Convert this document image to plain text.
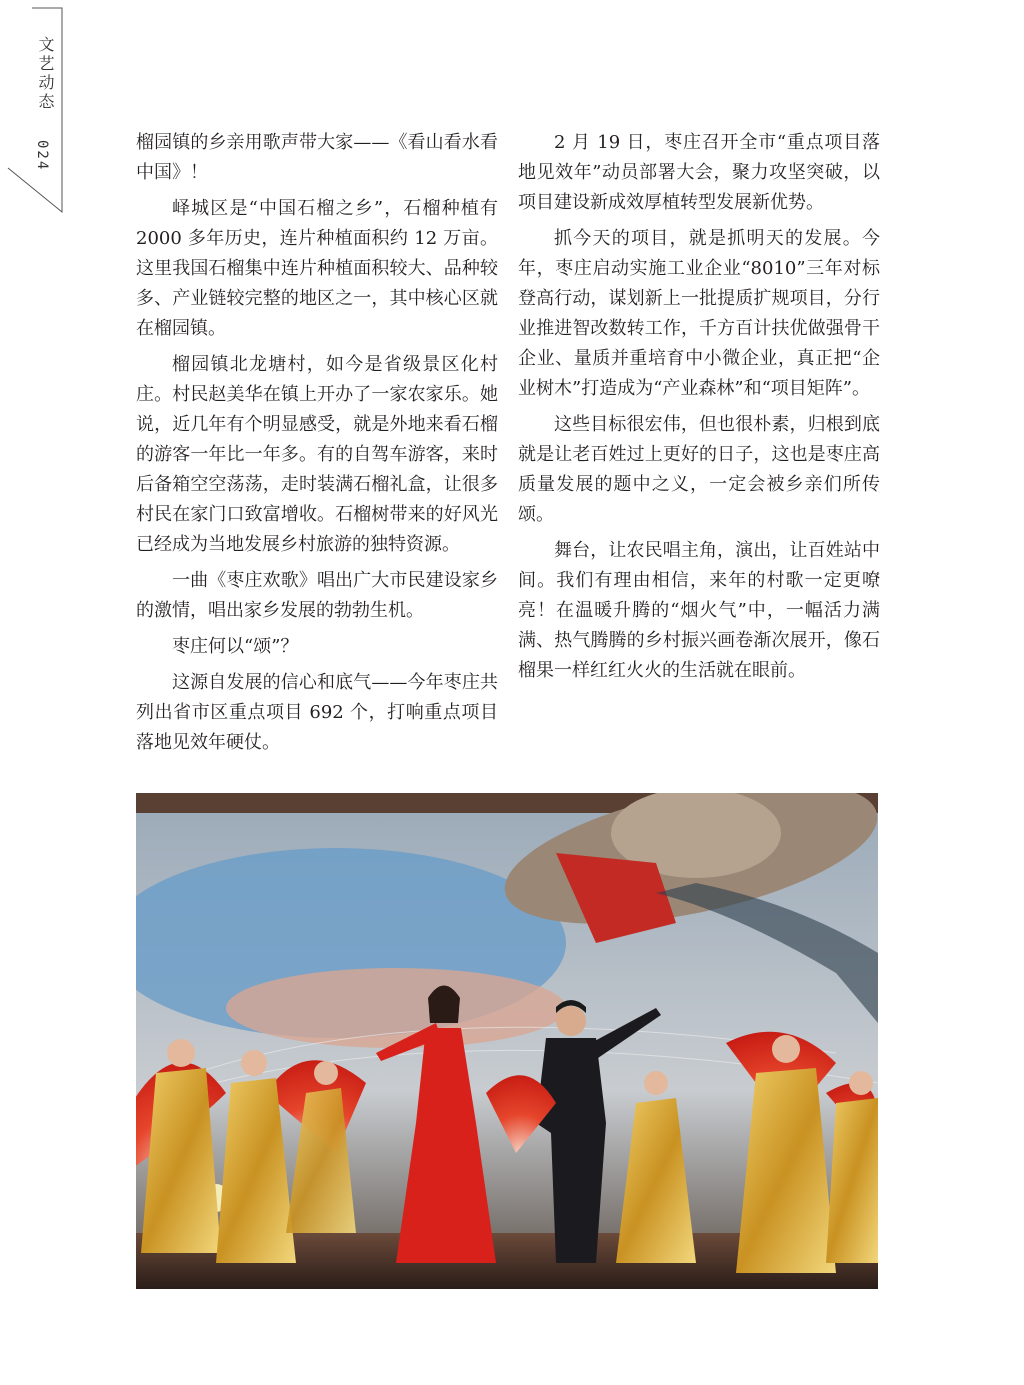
文艺动态
024	榴园镇的乡亲用歌声带大家——《看山看水看中国》！

峄城区是“中国石榴之乡”，石榴种植有 2000 多年历史，连片种植面积约 12 万亩。这里我国石榴集中连片种植面积较大、品种较多、产业链较完整的地区之一，其中核心区就在榴园镇。

榴园镇北龙塘村，如今是省级景区化村庄。村民赵美华在镇上开办了一家农家乐。她说，近几年有个明显感受，就是外地来看石榴的游客一年比一年多。有的自驾车游客，来时后备箱空空荡荡，走时装满石榴礼盒，让很多村民在家门口致富增收。石榴树带来的好风光已经成为当地发展乡村旅游的独特资源。

一曲《枣庄欢歌》唱出广大市民建设家乡的激情，唱出家乡发展的勃勃生机。

枣庄何以“颂”？

这源自发展的信心和底气——今年枣庄共列出省市区重点项目 692 个，打响重点项目落地见效年硬仗。

2 月 19 日，枣庄召开全市“重点项目落地见效年”动员部署大会，聚力攻坚突破，以项目建设新成效厚植转型发展新优势。

抓今天的项目，就是抓明天的发展。今年，枣庄启动实施工业企业“8010”三年对标登高行动，谋划新上一批提质扩规项目，分行业推进智改数转工作，千方百计扶优做强骨干企业、量质并重培育中小微企业，真正把“企业树木”打造成为“产业森林”和“项目矩阵”。

这些目标很宏伟，但也很朴素，归根到底就是让老百姓过上更好的日子，这也是枣庄高质量发展的题中之义，一定会被乡亲们所传颂。

舞台，让农民唱主角，演出，让百姓站中间。我们有理由相信，来年的村歌一定更嘹亮！在温暖升腾的“烟火气”中，一幅活力满满、热气腾腾的乡村振兴画卷渐次展开，像石榴果一样红红火火的生活就在眼前。
